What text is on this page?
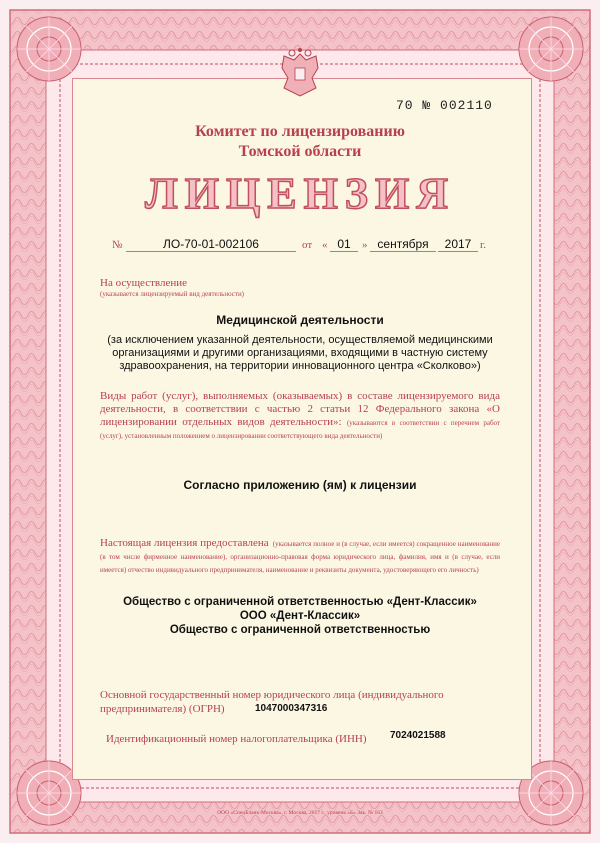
70 № 002110
Комитет по лицензированию
Томской области
ЛИЦЕНЗИЯ
№	ЛО-70-01-002106	от « 01	» сентября	2017 г.
На осуществление
(указывается лицензируемый вид деятельности)
Медицинской деятельности
(за исключением указанной деятельности, осуществляемой медицинскими организациями и другими организациями, входящими в частную систему здравоохранения, на территории инновационного центра «Сколково»)
Виды работ (услуг), выполняемых (оказываемых) в составе лицензируемого вида деятельности, в соответствии с частью 2 статьи 12 Федерального закона «О лицензировании отдельных видов деятельности»: (указываются в соответствии с перечнем работ (услуг), установленным положением о лицензировании соответствующего вида деятельности)
Согласно приложению (ям) к лицензии
Настоящая лицензия предоставлена (указывается полное и (в случае, если имеется) сокращенное наименование (в том числе фирменное наименование), организационно-правовая форма юридического лица, фамилия, имя и (в случае, если имеется) отчество индивидуального предпринимателя, наименование и реквизиты документа, удостоверяющего его личность)
Общество с ограниченной ответственностью «Дент-Классик»
ООО «Дент-Классик»
Общество с ограниченной ответственностью
Основной государственный номер юридического лица (индивидуального предпринимателя) (ОГРН)	1047000347316
Идентификационный номер налогоплательщика (ИНН) 7024021588
ООО «СпецБланк-Москва», г. Москва, 2017 г., уровень «Б» Зак. № 163
